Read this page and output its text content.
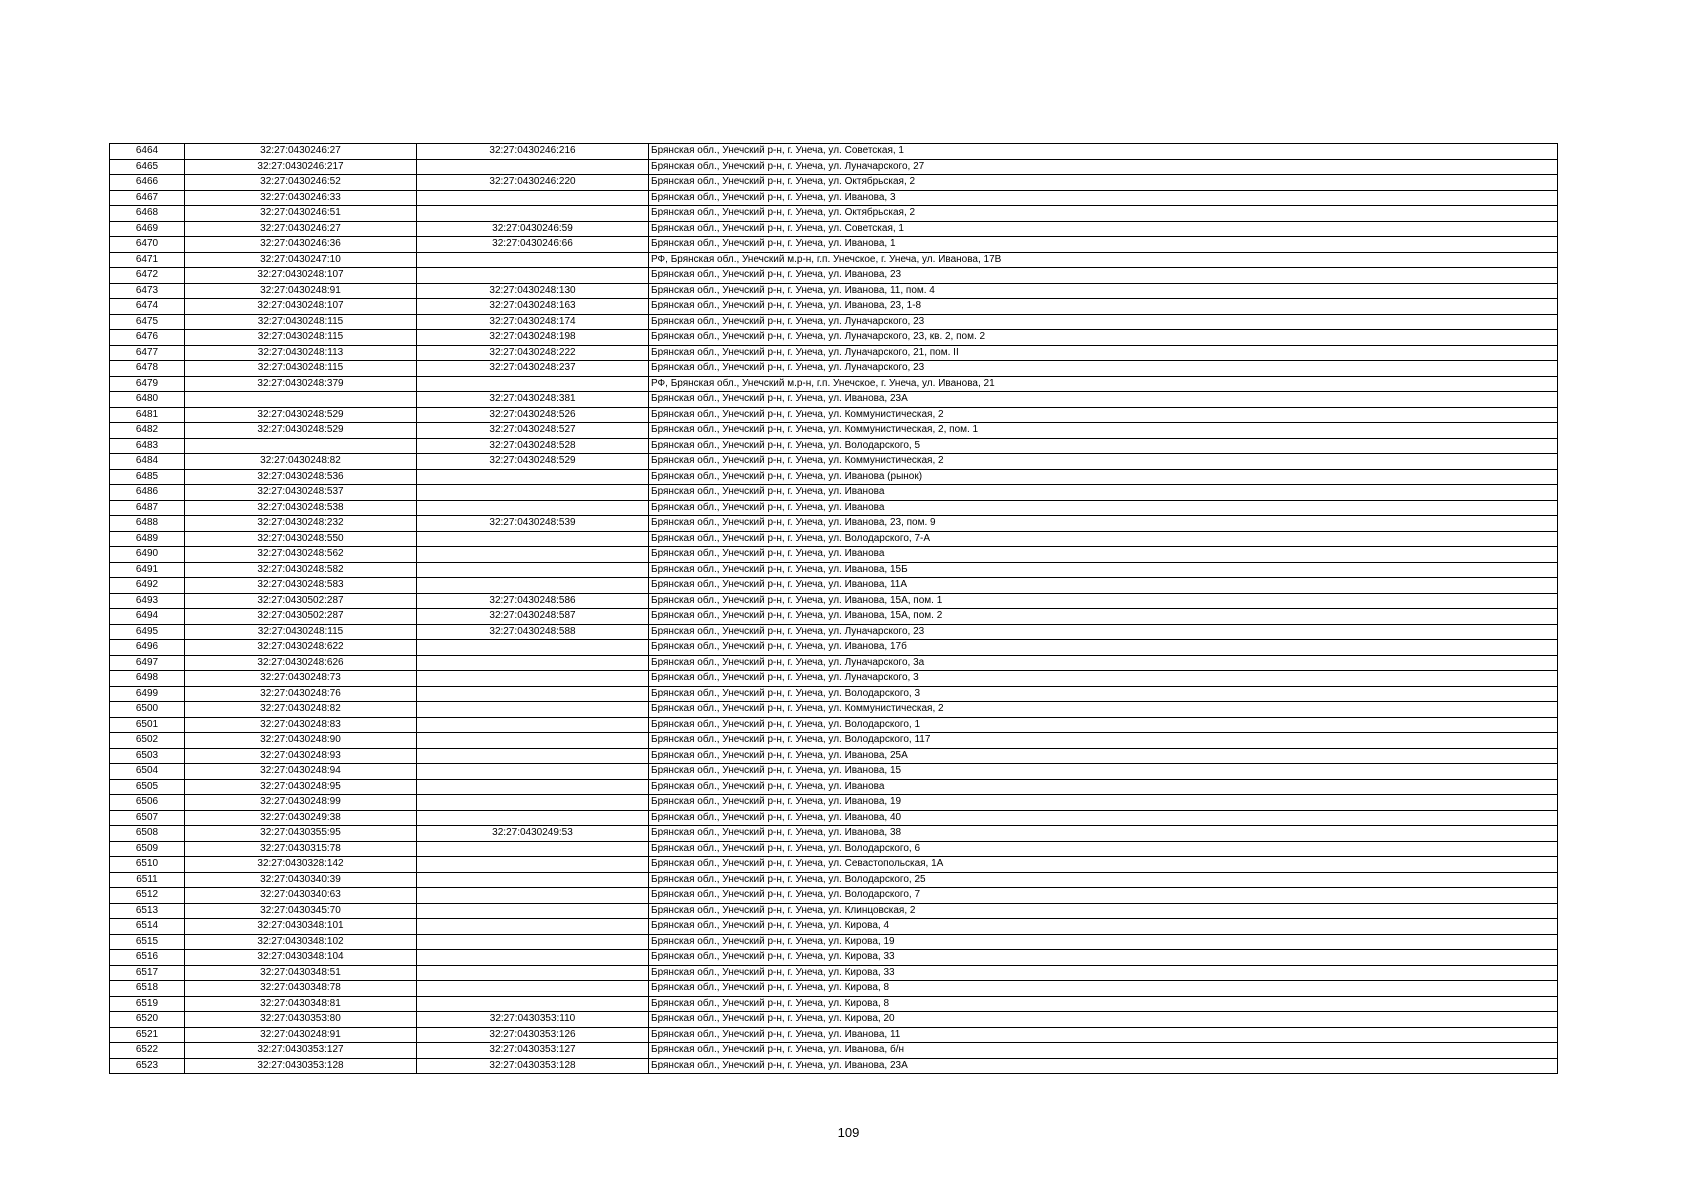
6464	32:27:0430246:27	32:27:0430246:216	Брянская обл., Унечский р-н, г. Унеча, ул. Советская, 1
6465	32:27:0430246:217		Брянская обл., Унечский р-н, г. Унеча, ул. Луначарского, 27
6466	32:27:0430246:52	32:27:0430246:220	Брянская обл., Унечский р-н, г. Унеча, ул. Октябрьская, 2
6467	32:27:0430246:33		Брянская обл., Унечский р-н, г. Унеча, ул. Иванова, 3
6468	32:27:0430246:51		Брянская обл., Унечский р-н, г. Унеча, ул. Октябрьская, 2
6469	32:27:0430246:27	32:27:0430246:59	Брянская обл., Унечский р-н, г. Унеча, ул. Советская, 1
6470	32:27:0430246:36	32:27:0430246:66	Брянская обл., Унечский р-н, г. Унеча, ул. Иванова, 1
6471	32:27:0430247:10		РФ, Брянская обл., Унечский м.р-н, г.п. Унечское, г. Унеча, ул. Иванова, 17В
6472	32:27:0430248:107		Брянская обл., Унечский р-н, г. Унеча, ул. Иванова, 23
6473	32:27:0430248:91	32:27:0430248:130	Брянская обл., Унечский р-н, г. Унеча, ул. Иванова, 11, пом. 4
6474	32:27:0430248:107	32:27:0430248:163	Брянская обл., Унечский р-н, г. Унеча, ул. Иванова, 23, 1-8
6475	32:27:0430248:115	32:27:0430248:174	Брянская обл., Унечский р-н, г. Унеча, ул. Луначарского, 23
6476	32:27:0430248:115	32:27:0430248:198	Брянская обл., Унечский р-н, г. Унеча, ул. Луначарского, 23, кв. 2, пом. 2
6477	32:27:0430248:113	32:27:0430248:222	Брянская обл., Унечский р-н, г. Унеча, ул. Луначарского, 21, пом. II
6478	32:27:0430248:115	32:27:0430248:237	Брянская обл., Унечский р-н, г. Унеча, ул. Луначарского, 23
6479	32:27:0430248:379		РФ, Брянская обл., Унечский м.р-н, г.п. Унечское, г. Унеча, ул. Иванова, 21
6480		32:27:0430248:381	Брянская обл., Унечский р-н, г. Унеча, ул. Иванова, 23А
6481	32:27:0430248:529	32:27:0430248:526	Брянская обл., Унечский р-н, г. Унеча, ул. Коммунистическая, 2
6482	32:27:0430248:529	32:27:0430248:527	Брянская обл., Унечский р-н, г. Унеча, ул. Коммунистическая, 2, пом. 1
6483		32:27:0430248:528	Брянская обл., Унечский р-н, г. Унеча, ул. Володарского, 5
6484	32:27:0430248:82	32:27:0430248:529	Брянская обл., Унечский р-н, г. Унеча, ул. Коммунистическая, 2
6485	32:27:0430248:536		Брянская обл., Унечский р-н, г. Унеча, ул. Иванова (рынок)
6486	32:27:0430248:537		Брянская обл., Унечский р-н, г. Унеча, ул. Иванова
6487	32:27:0430248:538		Брянская обл., Унечский р-н, г. Унеча, ул. Иванова
6488	32:27:0430248:232	32:27:0430248:539	Брянская обл., Унечский р-н, г. Унеча, ул. Иванова, 23, пом. 9
6489	32:27:0430248:550		Брянская обл., Унечский р-н, г. Унеча, ул. Володарского, 7-А
6490	32:27:0430248:562		Брянская обл., Унечский р-н, г. Унеча, ул. Иванова
6491	32:27:0430248:582		Брянская обл., Унечский р-н, г. Унеча, ул. Иванова, 15Б
6492	32:27:0430248:583		Брянская обл., Унечский р-н, г. Унеча, ул. Иванова, 11А
6493	32:27:0430502:287	32:27:0430248:586	Брянская обл., Унечский р-н, г. Унеча, ул. Иванова, 15А, пом. 1
6494	32:27:0430502:287	32:27:0430248:587	Брянская обл., Унечский р-н, г. Унеча, ул. Иванова, 15А, пом. 2
6495	32:27:0430248:115	32:27:0430248:588	Брянская обл., Унечский р-н, г. Унеча, ул. Луначарского, 23
6496	32:27:0430248:622		Брянская обл., Унечский р-н, г. Унеча, ул. Иванова, 17б
6497	32:27:0430248:626		Брянская обл., Унечский р-н, г. Унеча, ул. Луначарского, 3а
6498	32:27:0430248:73		Брянская обл., Унечский р-н, г. Унеча, ул. Луначарского, 3
6499	32:27:0430248:76		Брянская обл., Унечский р-н, г. Унеча, ул. Володарского, 3
6500	32:27:0430248:82		Брянская обл., Унечский р-н, г. Унеча, ул. Коммунистическая, 2
6501	32:27:0430248:83		Брянская обл., Унечский р-н, г. Унеча, ул. Володарского, 1
6502	32:27:0430248:90		Брянская обл., Унечский р-н, г. Унеча, ул. Володарского, 117
6503	32:27:0430248:93		Брянская обл., Унечский р-н, г. Унеча, ул. Иванова, 25А
6504	32:27:0430248:94		Брянская обл., Унечский р-н, г. Унеча, ул. Иванова, 15
6505	32:27:0430248:95		Брянская обл., Унечский р-н, г. Унеча, ул. Иванова
6506	32:27:0430248:99		Брянская обл., Унечский р-н, г. Унеча, ул. Иванова, 19
6507	32:27:0430249:38		Брянская обл., Унечский р-н, г. Унеча, ул. Иванова, 40
6508	32:27:0430355:95	32:27:0430249:53	Брянская обл., Унечский р-н, г. Унеча, ул. Иванова, 38
6509	32:27:0430315:78		Брянская обл., Унечский р-н, г. Унеча, ул. Володарского, 6
6510	32:27:0430328:142		Брянская обл., Унечский р-н, г. Унеча, ул. Севастопольская, 1А
6511	32:27:0430340:39		Брянская обл., Унечский р-н, г. Унеча, ул. Володарского, 25
6512	32:27:0430340:63		Брянская обл., Унечский р-н, г. Унеча, ул. Володарского, 7
6513	32:27:0430345:70		Брянская обл., Унечский р-н, г. Унеча, ул. Клинцовская, 2
6514	32:27:0430348:101		Брянская обл., Унечский р-н, г. Унеча, ул. Кирова, 4
6515	32:27:0430348:102		Брянская обл., Унечский р-н, г. Унеча, ул. Кирова, 19
6516	32:27:0430348:104		Брянская обл., Унечский р-н, г. Унеча, ул. Кирова, 33
6517	32:27:0430348:51		Брянская обл., Унечский р-н, г. Унеча, ул. Кирова, 33
6518	32:27:0430348:78		Брянская обл., Унечский р-н, г. Унеча, ул. Кирова, 8
6519	32:27:0430348:81		Брянская обл., Унечский р-н, г. Унеча, ул. Кирова, 8
6520	32:27:0430353:80	32:27:0430353:110	Брянская обл., Унечский р-н, г. Унеча, ул. Кирова, 20
6521	32:27:0430248:91	32:27:0430353:126	Брянская обл., Унечский р-н, г. Унеча, ул. Иванова, 11
6522	32:27:0430353:127	32:27:0430353:127	Брянская обл., Унечский р-н, г. Унеча, ул. Иванова, б/н
6523	32:27:0430353:128	32:27:0430353:128	Брянская обл., Унечский р-н, г. Унеча, ул. Иванова, 23А
109
